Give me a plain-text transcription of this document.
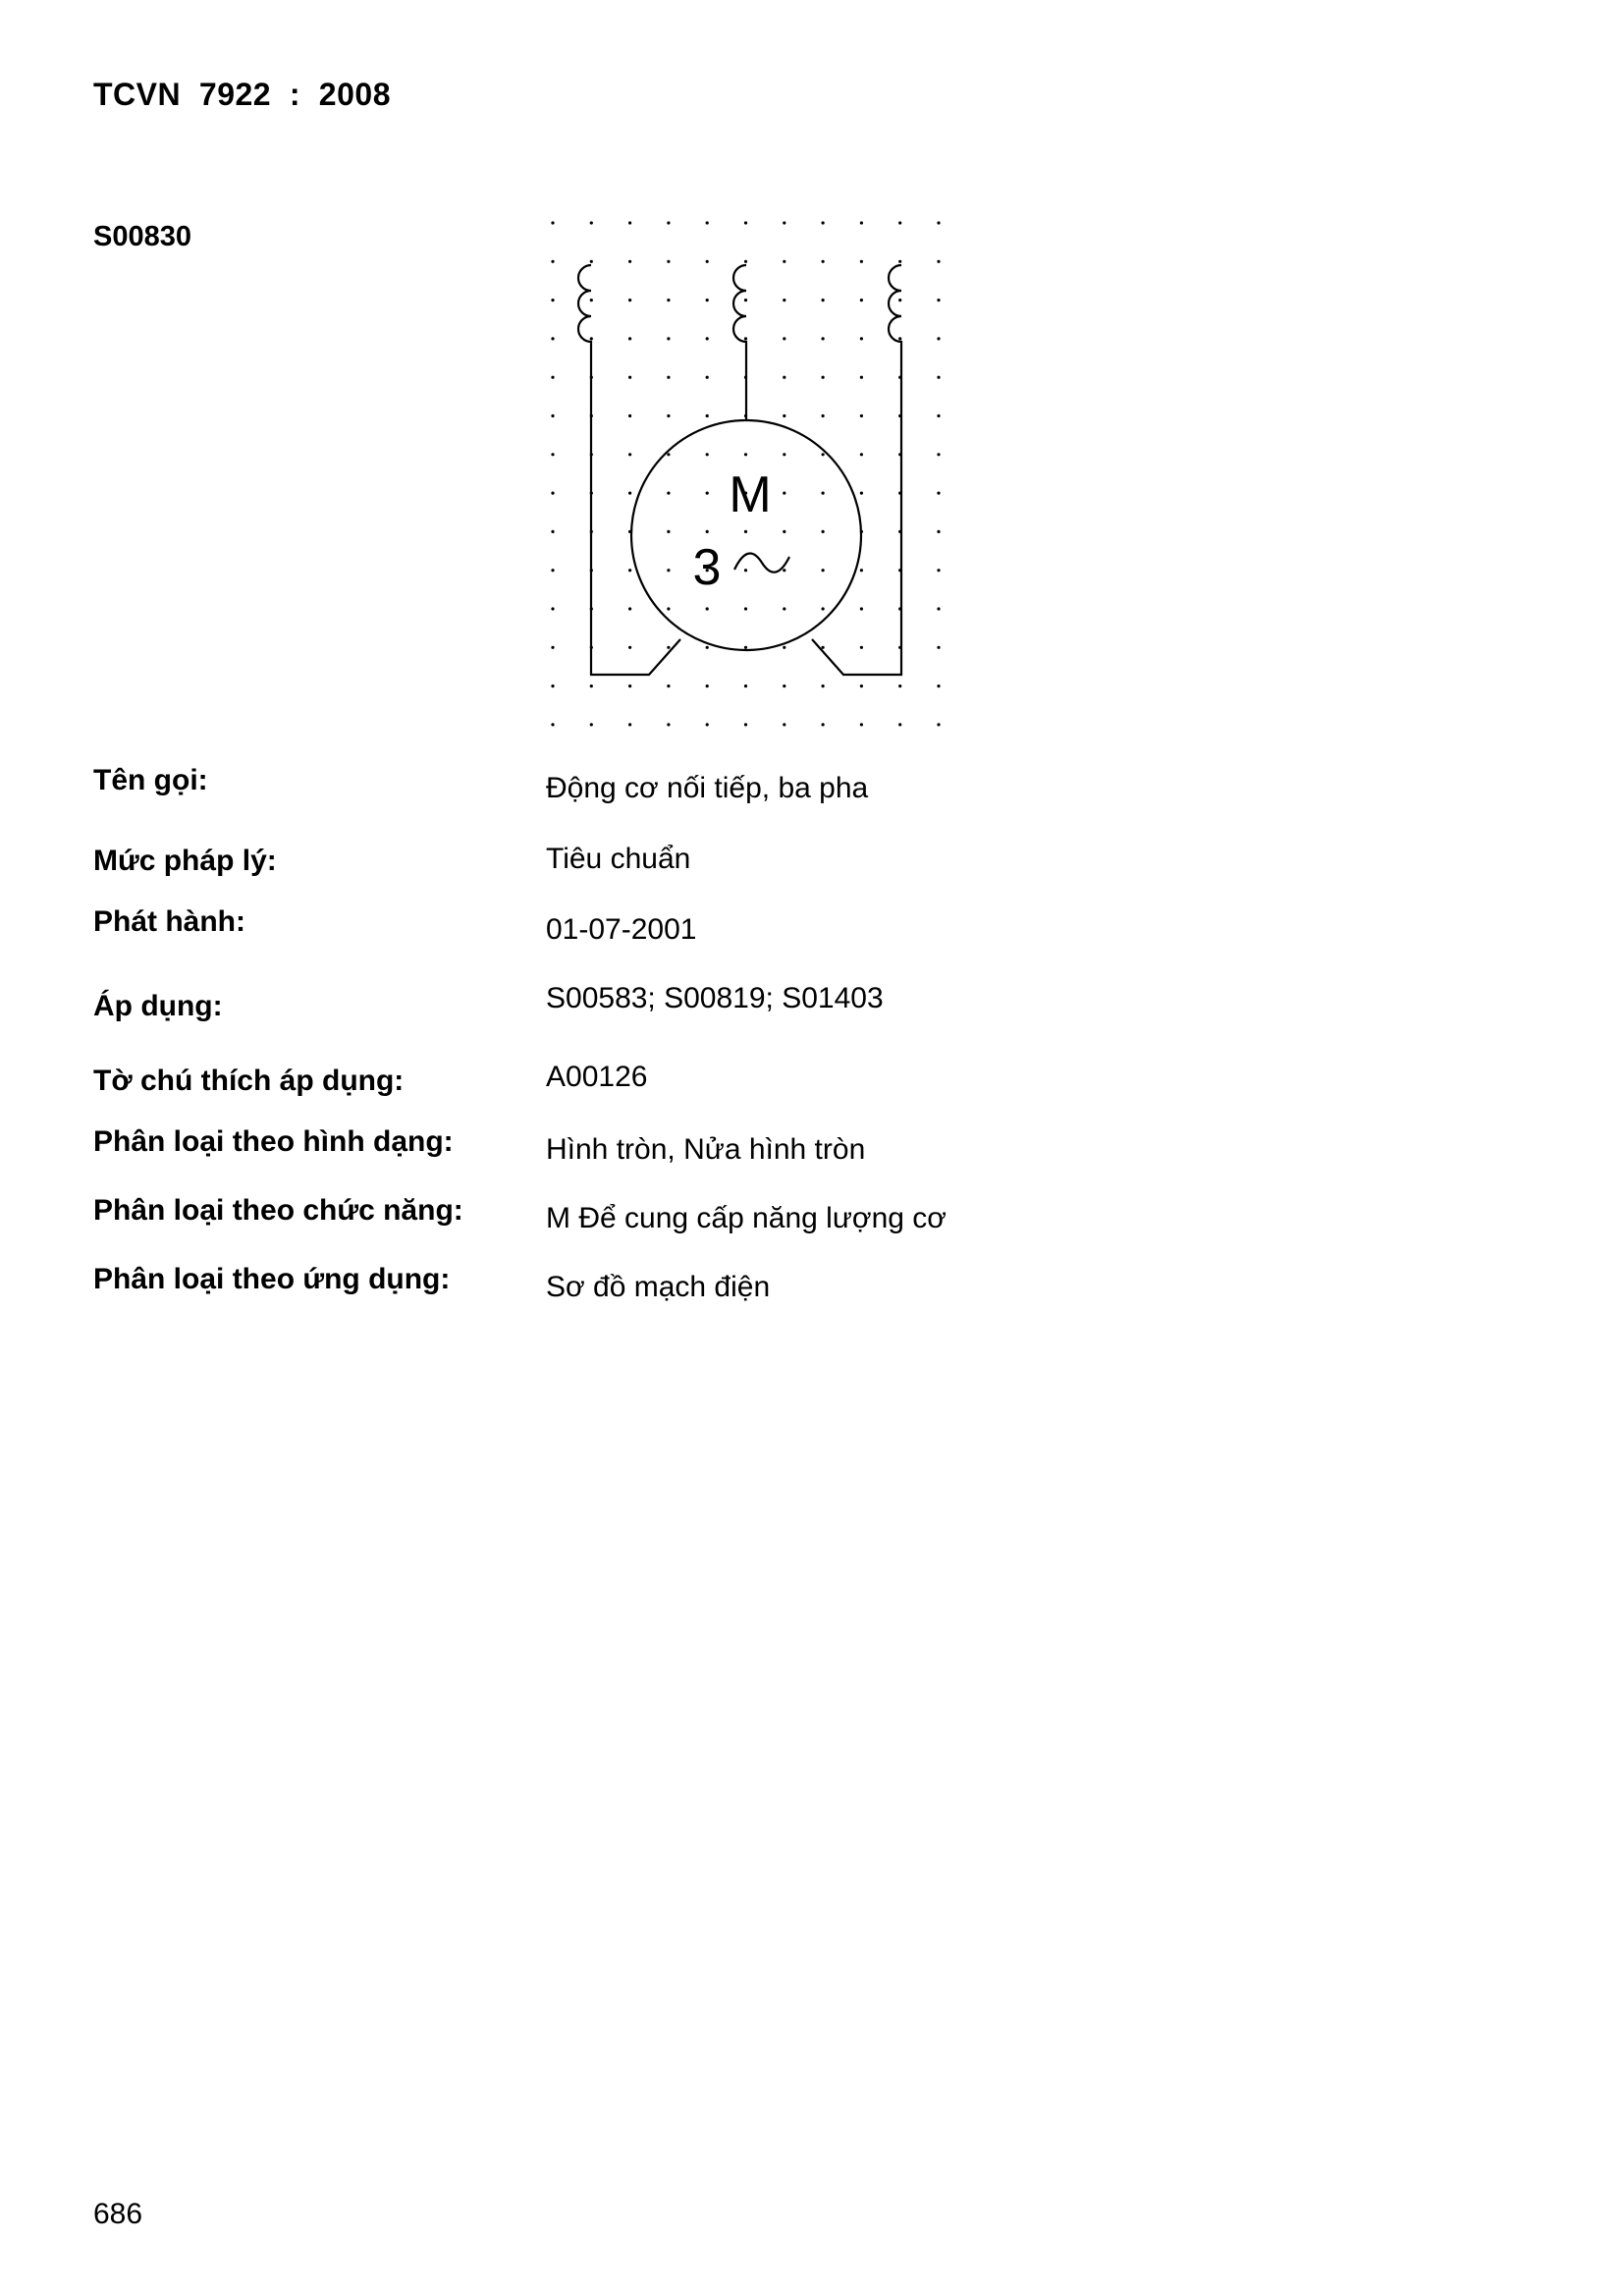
TCVN  7922  :  2008
S00830
M
3
Tên gọi:	Động cơ nối tiếp, ba pha
Mức pháp lý:	Tiêu chuẩn
Phát hành:	01-07-2001
Áp dụng:	S00583; S00819; S01403
Tờ chú thích áp dụng:	A00126
Phân loại theo hình dạng:	Hình tròn, Nửa hình tròn
Phân loại theo chức năng:	M Để cung cấp năng lượng cơ
Phân loại theo ứng dụng:	Sơ đồ mạch điện
686
